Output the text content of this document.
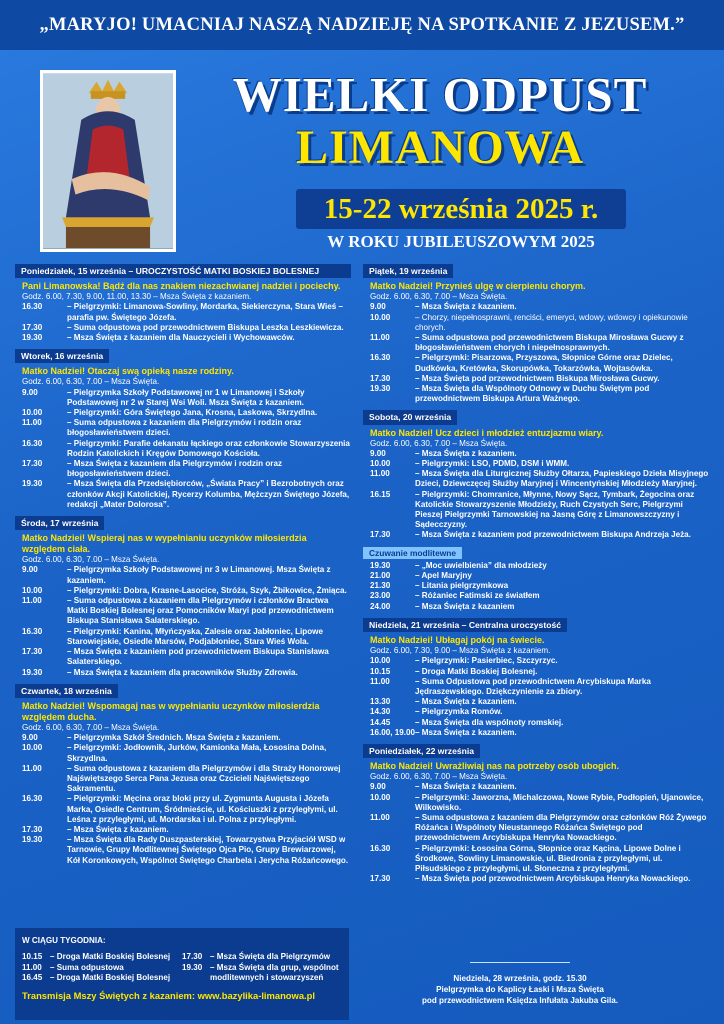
„MARYJO! UMACNIAJ NASZĄ NADZIEJĘ NA SPOTKANIE Z JEZUSEM.”
WIELKI ODPUST
LIMANOWA
15-22 września 2025 r.
W ROKU JUBILEUSZOWYM 2025
Poniedziałek, 15 września – UROCZYSTOŚĆ MATKI BOSKIEJ BOLESNEJ
Pani Limanowska! Bądź dla nas znakiem niezachwianej nadziei i pociechy.
Godz. 6.00, 7.30, 9.00, 11.00, 13.30 – Msza Święta z kazaniem.
16.30	– Pielgrzymki: Limanowa-Sowliny, Mordarka, Siekierczyna, Stara Wieś – parafia pw. Świętego Józefa.
17.30	– Suma odpustowa pod przewodnictwem Biskupa Leszka Leszkiewicza.
19.30	– Msza Święta z kazaniem dla Nauczycieli i Wychowawców.
Wtorek, 16 września
Matko Nadziei! Otaczaj swą opieką nasze rodziny.
Godz. 6.00, 6.30, 7.00 – Msza Święta.
9.00	– Pielgrzymka Szkoły Podstawowej nr 1 w Limanowej i Szkoły Podstawowej nr 2 w Starej Wsi Woli. Msza Święta z kazaniem.
10.00	– Pielgrzymki: Góra Świętego Jana, Krosna, Laskowa, Skrzydlna.
11.00	– Suma odpustowa z kazaniem dla Pielgrzymów i rodzin oraz błogosławieństwem dzieci.
16.30	– Pielgrzymki: Parafie dekanatu łąckiego oraz członkowie Stowarzyszenia Rodzin Katolickich i Kręgów Domowego Kościoła.
17.30	– Msza Święta z kazaniem dla Pielgrzymów i rodzin oraz błogosławieństwem dzieci.
19.30	– Msza Święta dla Przedsiębiorców, „Świata Pracy” i Bezrobotnych oraz członków Akcji Katolickiej, Rycerzy Kolumba, Mężczyzn Świętego Józefa, redakcji „Mater Dolorosa”.
Środa, 17 września
Matko Nadziei! Wspieraj nas w wypełnianiu uczynków miłosierdzia względem ciała.
Godz. 6.00, 6.30, 7.00 – Msza Święta.
9.00	– Pielgrzymka Szkoły Podstawowej nr 3 w Limanowej. Msza Święta z kazaniem.
10.00	– Pielgrzymki: Dobra, Krasne-Lasocice, Stróża, Szyk, Żbikowice, Żmiąca.
11.00	– Suma odpustowa z kazaniem dla Pielgrzymów i członków Bractwa Matki Boskiej Bolesnej oraz Pomocników Maryi pod przewodnictwem Biskupa Stanisława Salaterskiego.
16.30	– Pielgrzymki: Kanina, Młyńczyska, Zalesie oraz Jabłoniec, Lipowe Starowiejskie, Osiedle Marsów, Podjabłoniec, Stara Wieś Wola.
17.30	– Msza Święta z kazaniem pod przewodnictwem Biskupa Stanisława Salaterskiego.
19.30	– Msza Święta z kazaniem dla pracowników Służby Zdrowia.
Czwartek, 18 września
Matko Nadziei! Wspomagaj nas w wypełnianiu uczynków miłosierdzia względem ducha.
Godz. 6.00, 6.30, 7.00 – Msza Święta.
9.00	– Pielgrzymka Szkół Średnich. Msza Święta z kazaniem.
10.00	– Pielgrzymki: Jodłownik, Jurków, Kamionka Mała, Łososina Dolna, Skrzydlna.
11.00	– Suma odpustowa z kazaniem dla Pielgrzymów i dla Straży Honorowej Najświętszego Serca Pana Jezusa oraz Czcicieli Najświętszego Sakramentu.
16.30	– Pielgrzymki: Męcina oraz bloki przy ul. Zygmunta Augusta i Józefa Marka, Osiedle Centrum, Śródmieście, ul. Kościuszki z przyległymi, ul. Leśna z przyległymi, ul. Mordarska i ul. Polna z przyległymi.
17.30	– Msza Święta z kazaniem.
19.30	– Msza Święta dla Rady Duszpasterskiej, Towarzystwa Przyjaciół WSD w Tarnowie, Grupy Modlitewnej Świętego Ojca Pio, Grupy Brewiarzowej, Kół Koronkowych, Wspólnot Świętego Charbela i Jerycha Różańcowego.
Piątek, 19 września
Matko Nadziei! Przynieś ulgę w cierpieniu chorym.
Godz. 6.00, 6.30, 7.00 – Msza Święta.
9.00	– Msza Święta z kazaniem.
10.00	– Chorzy, niepełnosprawni, renciści, emeryci, wdowy, wdowcy i opiekunowie chorych.
11.00	– Suma odpustowa pod przewodnictwem Biskupa Mirosława Gucwy z błogosławieństwem chorych i niepełnosprawnych.
16.30	– Pielgrzymki: Pisarzowa, Przyszowa, Słopnice Górne oraz Dzielec, Dudkówka, Kretówka, Skorupówka, Tokarzówka, Wojtasówka.
17.30	– Msza Święta pod przewodnictwem Biskupa Mirosława Gucwy.
19.30	– Msza Święta dla Wspólnoty Odnowy w Duchu Świętym pod przewodnictwem Biskupa Artura Ważnego.
Sobota, 20 września
Matko Nadziei! Ucz dzieci i młodzież entuzjazmu wiary.
Godz. 6.00, 6.30, 7.00 – Msza Święta.
9.00	– Msza Święta z kazaniem.
10.00	– Pielgrzymki: LSO, PDMD, DSM i WMM.
11.00	– Msza Święta dla Liturgicznej Służby Ołtarza, Papieskiego Dzieła Misyjnego Dzieci, Dziewczęcej Służby Maryjnej i Wincentyńskiej Młodzieży Maryjnej.
16.15	– Pielgrzymki: Chomranice, Młynne, Nowy Sącz, Tymbark, Żegocina oraz Katolickie Stowarzyszenie Młodzieży, Ruch Czystych Serc, Pielgrzymi Pieszej Pielgrzymki Tarnowskiej na Jasną Górę z Limanowszczyzny i Sądecczyzny.
17.30	– Msza Święta z kazaniem pod przewodnictwem Biskupa Andrzeja Jeża.
Czuwanie modlitewne
19.30	– „Moc uwielbienia” dla młodzieży
21.00	– Apel Maryjny
21.30	– Litania pielgrzymkowa
23.00	– Różaniec Fatimski ze światłem
24.00	– Msza Święta z kazaniem
Niedziela, 21 września – Centralna uroczystość
Matko Nadziei! Ubłagaj pokój na świecie.
Godz. 6.00, 7.30, 9.00 – Msza Święta z kazaniem.
10.00	– Pielgrzymki: Pasierbiec, Szczyrzyc.
10.15	– Droga Matki Boskiej Bolesnej.
11.00	– Suma Odpustowa pod przewodnictwem Arcybiskupa Marka Jędraszewskiego. Dziękczynienie za zbiory.
13.30	– Msza Święta z kazaniem.
14.30	– Pielgrzymka Romów.
14.45	– Msza Święta dla wspólnoty romskiej.
16.00, 19.00 – Msza Święta z kazaniem.
Poniedziałek, 22 września
Matko Nadziei! Uwrażliwiaj nas na potrzeby osób ubogich.
Godz. 6.00, 6.30, 7.00 – Msza Święta.
9.00	– Msza Święta z kazaniem.
10.00	– Pielgrzymki: Jaworzna, Michalczowa, Nowe Rybie, Podłopień, Ujanowice, Wilkowisko.
11.00	– Suma odpustowa z kazaniem dla Pielgrzymów oraz członków Róż Żywego Różańca i Wspólnoty Nieustannego Różańca Świętego pod przewodnictwem Arcybiskupa Henryka Nowackiego.
16.30	– Pielgrzymki: Łososina Górna, Słopnice oraz Kącina, Lipowe Dolne i Środkowe, Sowliny Limanowskie, ul. Biedronia z przyległymi, ul. Piłsudskiego z przyległymi, ul. Słoneczna z przyległymi.
17.30	– Msza Święta pod przewodnictwem Arcybiskupa Henryka Nowackiego.
W CIĄGU TYGODNIA:
10.15 – Droga Matki Boskiej Bolesnej
11.00	– Suma odpustowa
16.45 – Droga Matki Boskiej Bolesnej
17.30 – Msza Święta dla Pielgrzymów
19.30 – Msza Święta dla grup, wspólnot modlitewnych i stowarzyszeń
Transmisja Mszy Świętych z kazaniem: www.bazylika-limanowa.pl
Niedziela, 28 września, godz. 15.30
Pielgrzymka do Kaplicy Łaski i Msza Święta
pod przewodnictwem Księdza Infułata Jakuba Gila.
